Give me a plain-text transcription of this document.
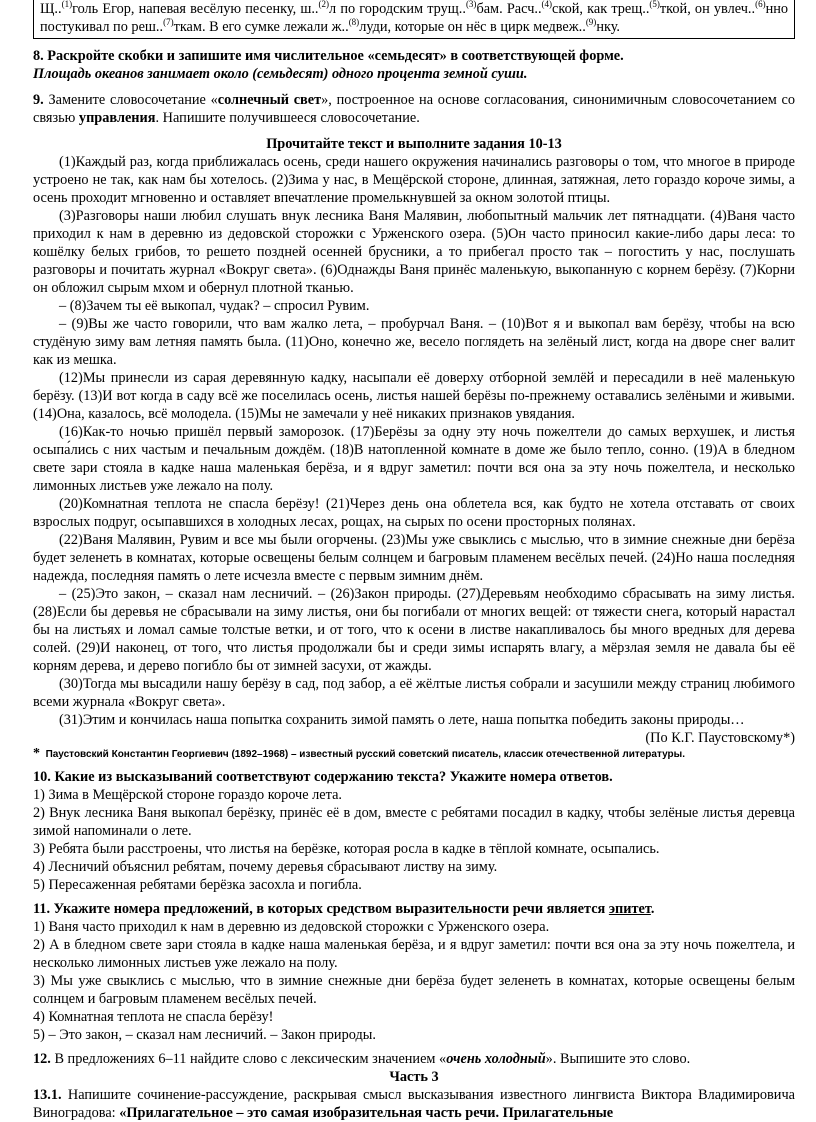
Щ..$^{(1)}$голь Егор, напевая весёлую песенку, ш..$^{(2)}$л по городским трущ..$^{(3)}$бам. Расч..$^{(4)}$ской, как трещ..$^{(5)}$ткой, он увлеч..$^{(6)}$нно постукивал по реш..$^{(7)}$ткам. В его сумке лежали ж..$^{(8)}$луди, которые он нёс в цирк медвеж..$^{(9)}$нку.

8. Раскройте скобки и запишите имя числительное «семьдесят» в соответствующей форме.

Площадь океанов занимает около (семьдесят) одного процента земной суши.

9. Замените словосочетание «солнечный свет», построенное на основе согласования, синонимичным словосочетанием со связью управления. Напишите получившееся словосочетание.

Прочитайте текст и выполните задания 10-13

(1)Каждый раз, когда приближалась осень, среди нашего окружения начинались разговоры о том, что многое в природе устроено не так, как нам бы хотелось. (2)Зима у нас, в Мещёрской стороне, длинная, затяжная, лето гораздо короче зимы, а осень проходит мгновенно и оставляет впечатление промелькнувшей за окном золотой птицы.

(3)Разговоры наши любил слушать внук лесника Ваня Малявин, любопытный мальчик лет пятнадцати. (4)Ваня часто приходил к нам в деревню из дедовской сторожки с Урженского озера. (5)Он часто приносил какие-либо дары леса: то кошёлку белых грибов, то решето поздней осенней брусники, а то прибегал просто так – погостить у нас, послушать разговоры и почитать журнал «Вокруг света». (6)Однажды Ваня принёс маленькую, выкопанную с корнем берёзу. (7)Корни он обложил сырым мхом и обернул плотной тканью.

– (8)Зачем ты её выкопал, чудак? – спросил Рувим.

– (9)Вы же часто говорили, что вам жалко лета, – пробурчал Ваня. – (10)Вот я и выкопал вам берёзу, чтобы на всю студёную зиму вам летняя память была. (11)Оно, конечно же, весело поглядеть на зелёный лист, когда на дворе снег валит как из мешка.

(12)Мы принесли из сарая деревянную кадку, насыпали её доверху отборной землёй и пересадили в неё маленькую берёзу. (13)И вот когда в саду всё же поселилась осень, листья нашей берёзы по-прежнему оставались зелёными и живыми. (14)Она, казалось, всё молодела. (15)Мы не замечали у неё никаких признаков увядания.

(16)Как-то ночью пришёл первый заморозок. (17)Берёзы за одну эту ночь пожелтели до самых верхушек, и листья осыпа́лись с них частым и печальным дождём. (18)В натопленной комнате в доме же было тепло, сонно. (19)А в бледном свете зари стояла в кадке наша маленькая берёза, и я вдруг заметил: почти вся она за эту ночь пожелтела, и несколько лимонных листьев уже лежало на полу.

(20)Комнатная теплота не спасла берёзу! (21)Через день она облетела вся, как будто не хотела отставать от своих взрослых подруг, осыпавшихся в холодных лесах, рощах, на сырых по осени просторных полянах.

(22)Ваня Малявин, Рувим и все мы были огорчены. (23)Мы уже свыклись с мыслью, что в зимние снежные дни берёза будет зеленеть в комнатах, которые освещены белым солнцем и багровым пламенем весёлых печей. (24)Но наша последняя надежда, последняя память о лете исчезла вместе с первым зимним днём.

– (25)Это закон, – сказал нам лесничий. – (26)Закон природы. (27)Деревьям необходимо сбрасывать на зиму листья. (28)Если бы деревья не сбрасывали на зиму листья, они бы погибали от многих вещей: от тяжести снега, который нарастал бы на листьях и ломал самые толстые ветки, и от того, что к осени в листве накапливалось бы много вредных для дерева солей. (29)И наконец, от того, что листья продолжали бы и среди зимы испарять влагу, а мёрзлая земля не давала бы её корням дерева, и дерево погибло бы от зимней засухи, от жажды.

(30)Тогда мы высадили нашу берёзу в сад, под забор, а её жёлтые листья собрали и засушили между страниц любимого всеми журнала «Вокруг света».

(31)Этим и кончилась наша попытка сохранить зимой память о лете, наша попытка победить законы природы…

(По К.Г. Паустовскому*)

* Паустовский Константин Георгиевич (1892–1968) – известный русский советский писатель, классик отечественной литературы.

10. Какие из высказываний соответствуют содержанию текста? Укажите номера ответов.

1) Зима в Мещёрской стороне гораздо короче лета.

2) Внук лесника Ваня выкопал берёзку, принёс её в дом, вместе с ребятами посадил в кадку, чтобы зелёные листья деревца зимой напоминали о лете.

3) Ребята были расстроены, что листья на берёзке, которая росла в кадке в тёплой комнате, осыпались.

4) Лесничий объяснил ребятам, почему деревья сбрасывают листву на зиму.

5) Пересаженная ребятами берёзка засохла и погибла.

11. Укажите номера предложений, в которых средством выразительности речи является эпитет.

1) Ваня часто приходил к нам в деревню из дедовской сторожки с Урженского озера.

2) А в бледном свете зари стояла в кадке наша маленькая берёза, и я вдруг заметил: почти вся она за эту ночь пожелтела, и несколько лимонных листьев уже лежало на полу.

3) Мы уже свыклись с мыслью, что в зимние снежные дни берёза будет зеленеть в комнатах, которые освещены белым солнцем и багровым пламенем весёлых печей.

4) Комнатная теплота не спасла берёзу!

5) – Это закон, – сказал нам лесничий. – Закон природы.

12. В предложениях 6–11 найдите слово с лексическим значением «очень холодный». Выпишите это слово.

Часть 3

13.1. Напишите сочинение-рассуждение, раскрывая смысл высказывания известного лингвиста Виктора Владимировича Виноградова: «Прилагательное – это самая изобразительная часть речи. Прилагательные
